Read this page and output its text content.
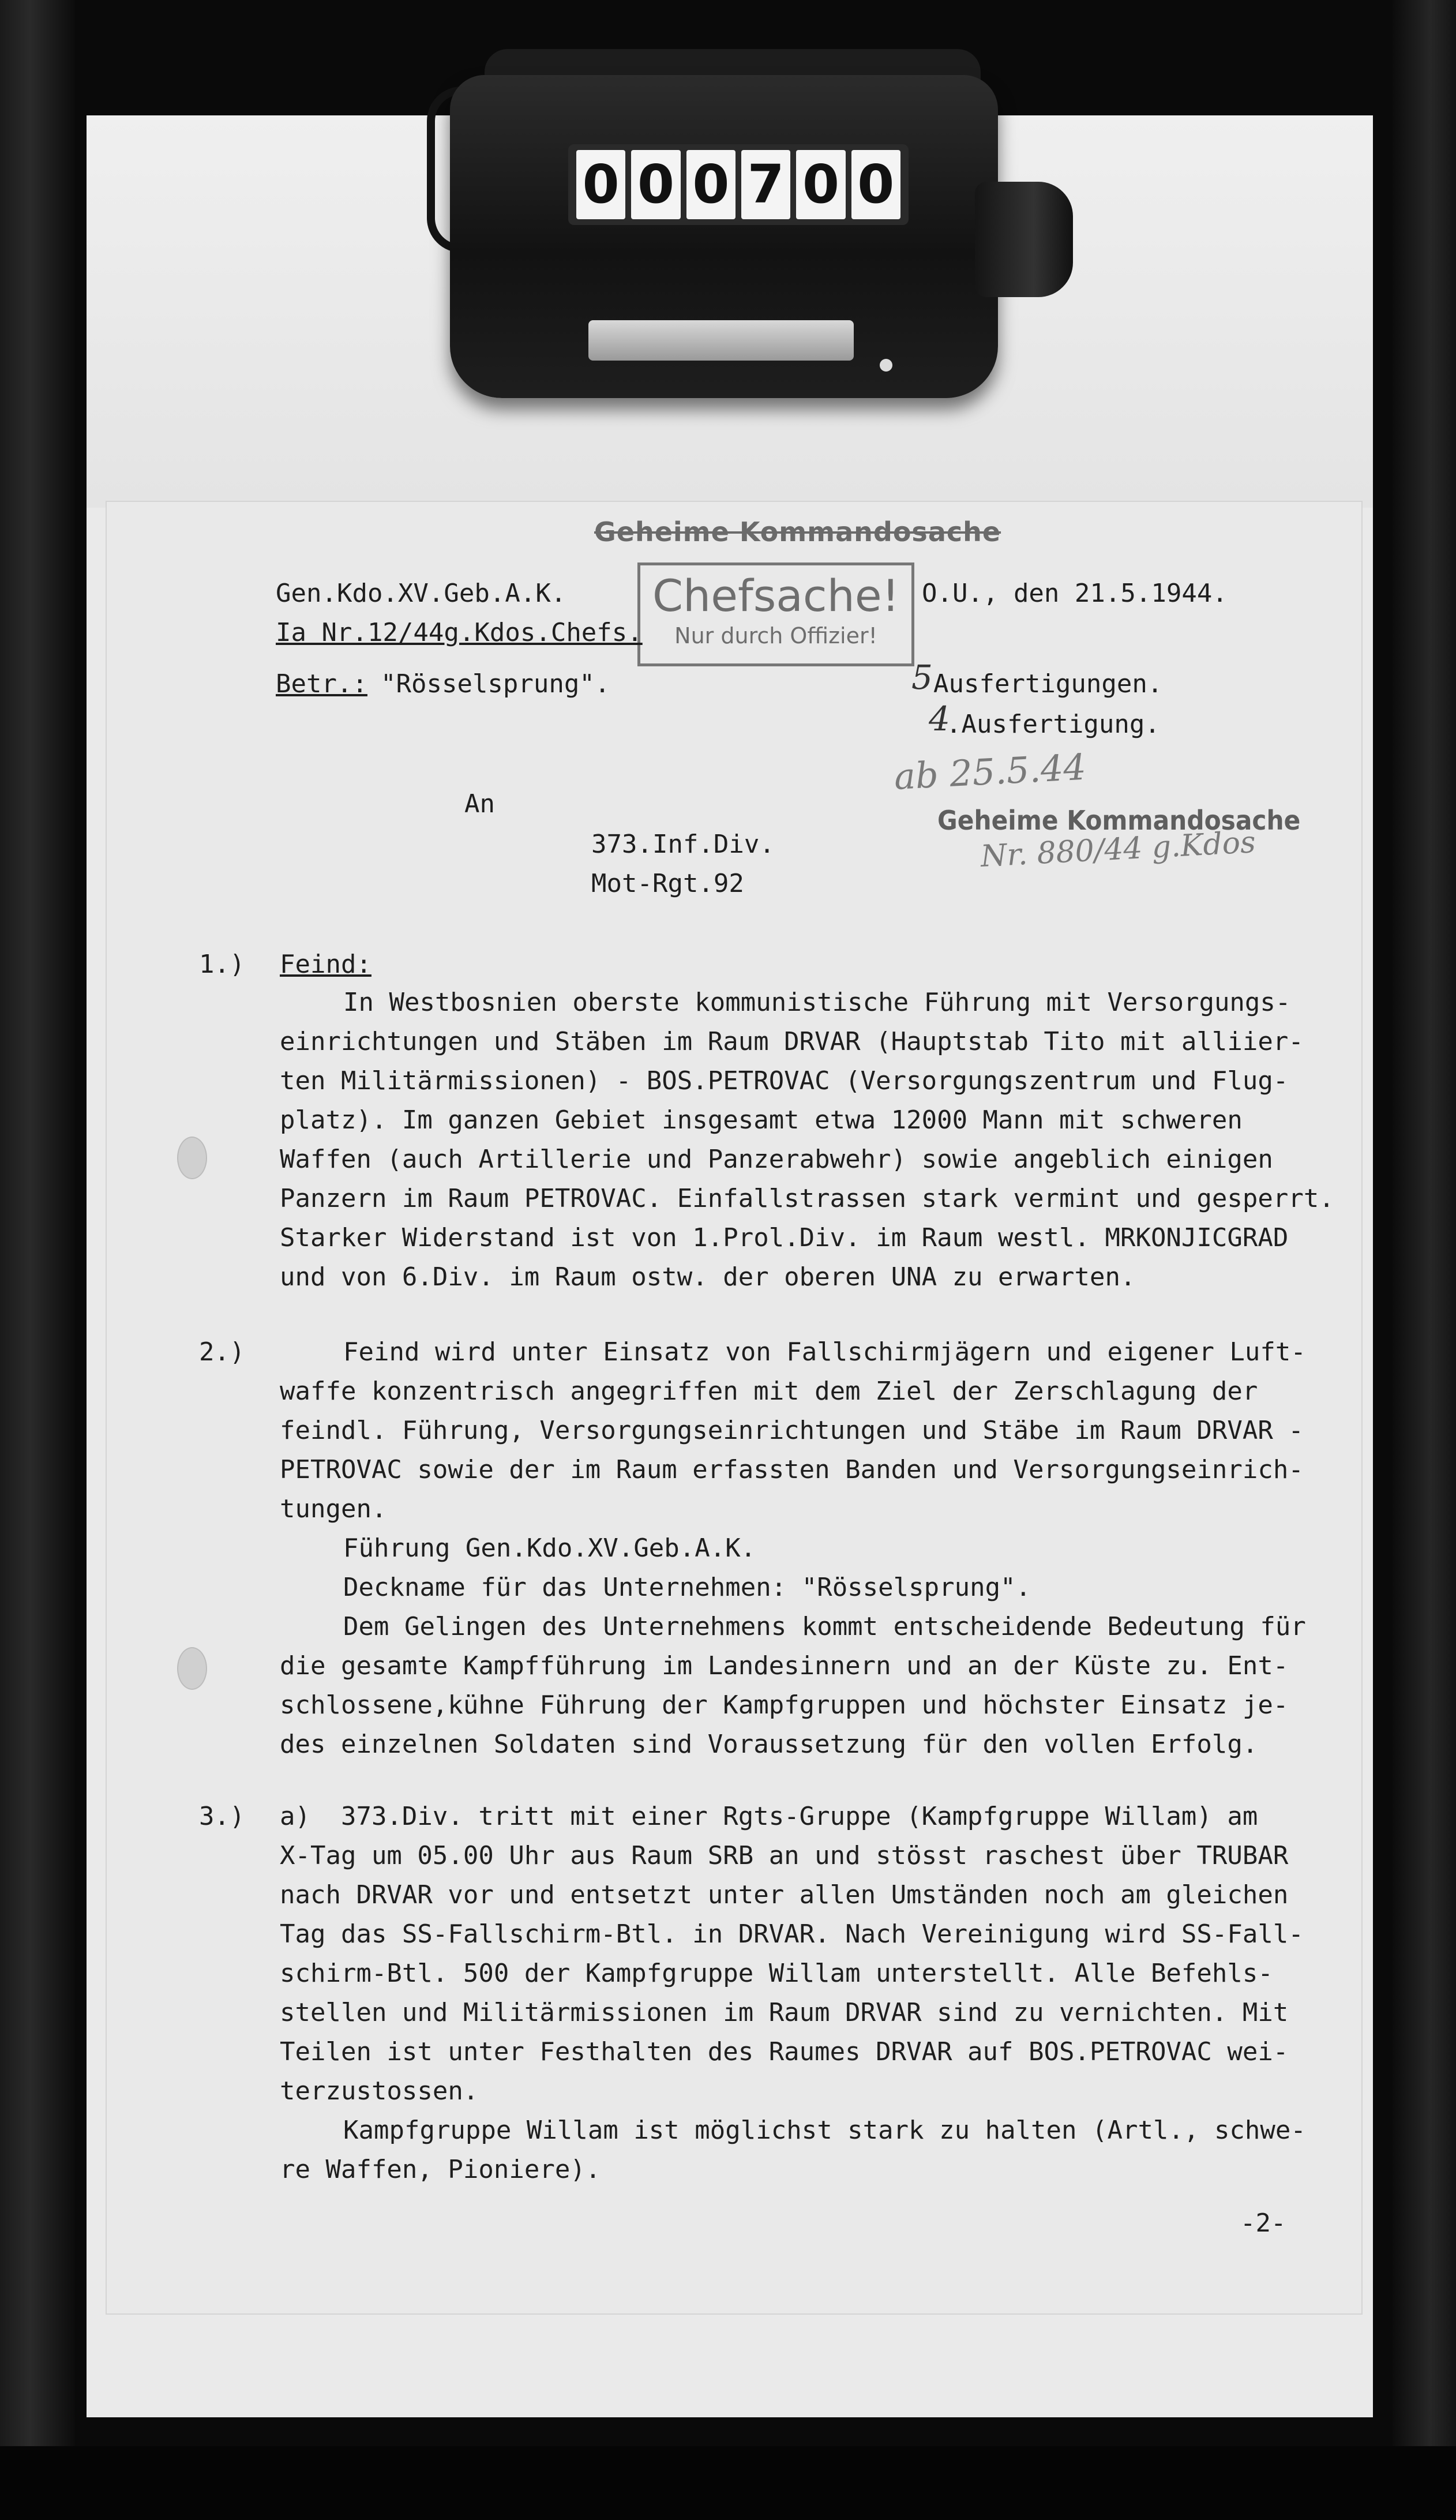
0 0 0 7 0 0
Geheime Kommandosache
Chefsache!
Nur durch Offizier!
Geheime Kommandosache
ab 25.5.44
Nr. 880/44 g.Kdos
5
4
Gen.Kdo.XV.Geb.A.K.
Ia Nr.12/44g.Kdos.Chefs.
O.U., den 21.5.1944.
Ausfertigungen.
.Ausfertigung.
Betr.: "Rösselsprung".
An
373.Inf.Div.
Mot-Rgt.92
1.) Feind:
In Westbosnien oberste kommunistische Führung mit Versorgungs-
einrichtungen und Stäben im Raum DRVAR (Hauptstab Tito mit alliier-
ten Militärmissionen) - BOS.PETROVAC (Versorgungszentrum und Flug-
platz). Im ganzen Gebiet insgesamt etwa 12000 Mann mit schweren
Waffen (auch Artillerie und Panzerabwehr) sowie angeblich einigen
Panzern im Raum PETROVAC. Einfallstrassen stark vermint und gesperrt.
Starker Widerstand ist von 1.Prol.Div. im Raum westl. MRKONJICGRAD
und von 6.Div. im Raum ostw. der oberen UNA zu erwarten.
2.)	Feind wird unter Einsatz von Fallschirmjägern und eigener Luft-
waffe konzentrisch angegriffen mit dem Ziel der Zerschlagung der
feindl. Führung, Versorgungseinrichtungen und Stäbe im Raum DRVAR -
PETROVAC sowie der im Raum erfassten Banden und Versorgungseinrich-
tungen.
Führung Gen.Kdo.XV.Geb.A.K.
Deckname für das Unternehmen: "Rösselsprung".
Dem Gelingen des Unternehmens kommt entscheidende Bedeutung für
die gesamte Kampfführung im Landesinnern und an der Küste zu. Ent-
schlossene,kühne Führung der Kampfgruppen und höchster Einsatz je-
des einzelnen Soldaten sind Voraussetzung für den vollen Erfolg.
3.) a)  373.Div. tritt mit einer Rgts-Gruppe (Kampfgruppe Willam) am
X-Tag um 05.00 Uhr aus Raum SRB an und stösst raschest über TRUBAR
nach DRVAR vor und entsetzt unter allen Umständen noch am gleichen
Tag das SS-Fallschirm-Btl. in DRVAR. Nach Vereinigung wird SS-Fall-
schirm-Btl. 500 der Kampfgruppe Willam unterstellt. Alle Befehls-
stellen und Militärmissionen im Raum DRVAR sind zu vernichten. Mit
Teilen ist unter Festhalten des Raumes DRVAR auf BOS.PETROVAC wei-
terzustossen.
Kampfgruppe Willam ist möglichst stark zu halten (Artl., schwe-
re Waffen, Pioniere).
-2-
